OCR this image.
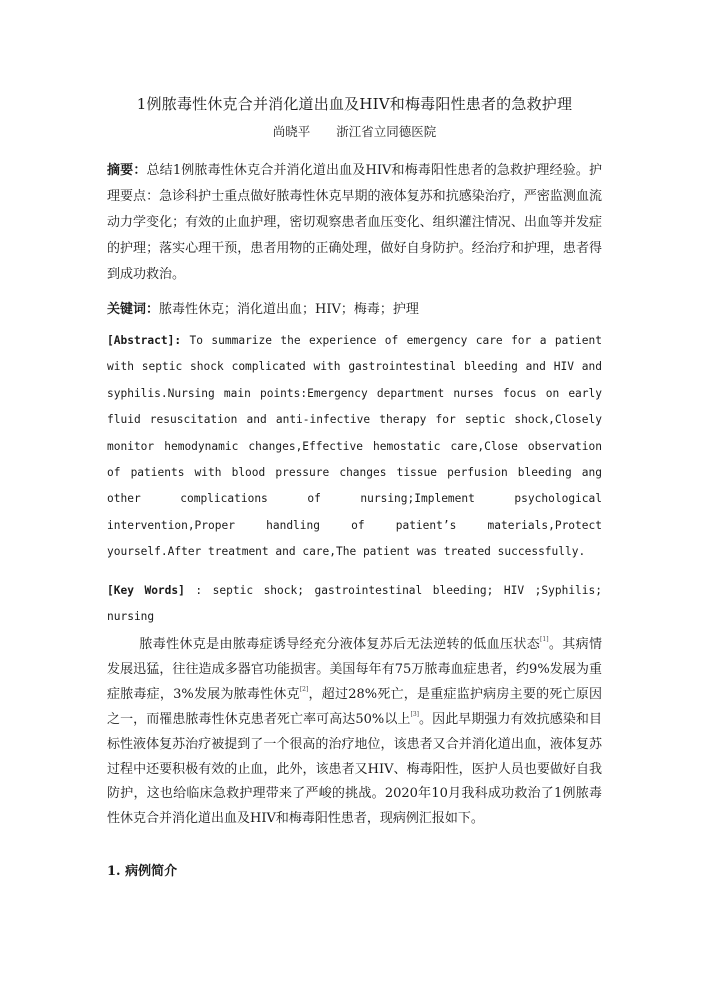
1例脓毒性休克合并消化道出血及HIV和梅毒阳性患者的急救护理
尚晓平 浙江省立同德医院
摘要：总结1例脓毒性休克合并消化道出血及HIV和梅毒阳性患者的急救护理经验。护理要点：急诊科护士重点做好脓毒性休克早期的液体复苏和抗感染治疗，严密监测血流动力学变化；有效的止血护理，密切观察患者血压变化、组织灌注情况、出血等并发症的护理；落实心理干预，患者用物的正确处理，做好自身防护。经治疗和护理，患者得到成功救治。
关键词：脓毒性休克；消化道出血；HIV；梅毒；护理
[Abstract]: To summarize the experience of emergency care for a patient with septic shock complicated with gastrointestinal bleeding and HIV and syphilis.Nursing main points:Emergency department nurses focus on early fluid resuscitation and anti-infective therapy for septic shock,Closely monitor hemodynamic changes,Effective hemostatic care,Close observation of patients with blood pressure changes tissue perfusion bleeding ang other complications of nursing;Implement psychological intervention,Proper handling of patient’s materials,Protect yourself.After treatment and care,The patient was treated successfully.
[Key Words] : septic shock; gastrointestinal bleeding; HIV ;Syphilis; nursing
脓毒性休克是由脓毒症诱导经充分液体复苏后无法逆转的低血压状态[1]。其病情发展迅猛，往往造成多器官功能损害。美国每年有75万脓毒血症患者，约9%发展为重症脓毒症，3%发展为脓毒性休克[2]，超过28%死亡，是重症监护病房主要的死亡原因之一，而罹患脓毒性休克患者死亡率可高达50%以上[3]。因此早期强力有效抗感染和目标性液体复苏治疗被提到了一个很高的治疗地位，该患者又合并消化道出血，液体复苏过程中还要积极有效的止血，此外，该患者又HIV、梅毒阳性，医护人员也要做好自我防护，这也给临床急救护理带来了严峻的挑战。2020年10月我科成功救治了1例脓毒性休克合并消化道出血及HIV和梅毒阳性患者，现病例汇报如下。
1. 病例简介
